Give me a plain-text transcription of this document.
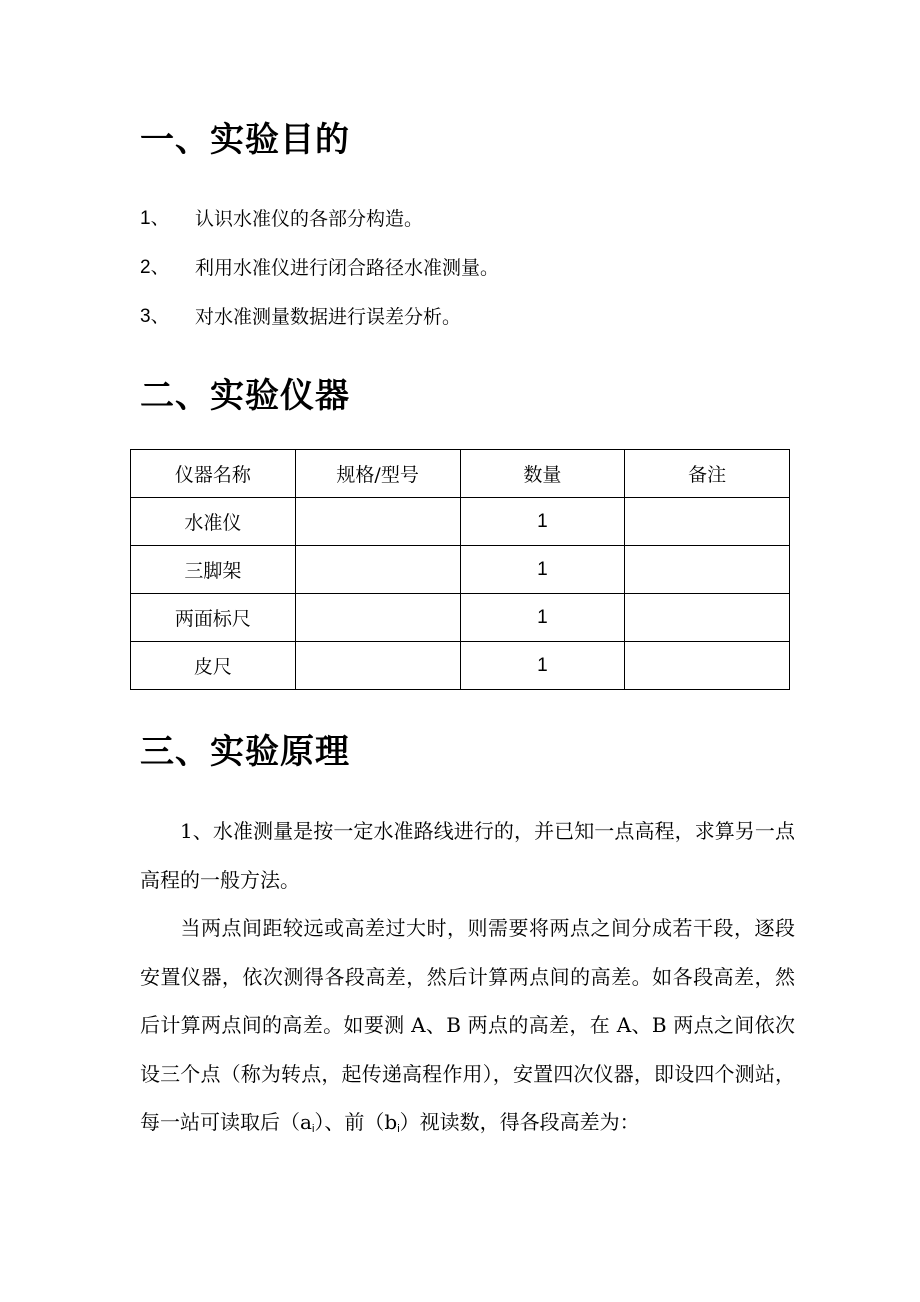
一、实验目的
1、 认识水准仪的各部分构造。
2、 利用水准仪进行闭合路径水准测量。
3、 对水准测量数据进行误差分析。
二、实验仪器
仪器名称	规格/型号	数量	备注
水准仪		1	
三脚架		1	
两面标尺		1	
皮尺		1	
三、实验原理

1、水准测量是按一定水准路线进行的，并已知一点高程，求算另一点高程的一般方法。

当两点间距较远或高差过大时，则需要将两点之间分成若干段，逐段安置仪器，依次测得各段高差，然后计算两点间的高差。如各段高差，然后计算两点间的高差。如要测 A、B 两点的高差，在 A、B 两点之间依次设三个点（称为转点，起传递高程作用），安置四次仪器，即设四个测站，每一站可读取后$(a_i)$、前$(b_i)$视读数，得各段高差为：
